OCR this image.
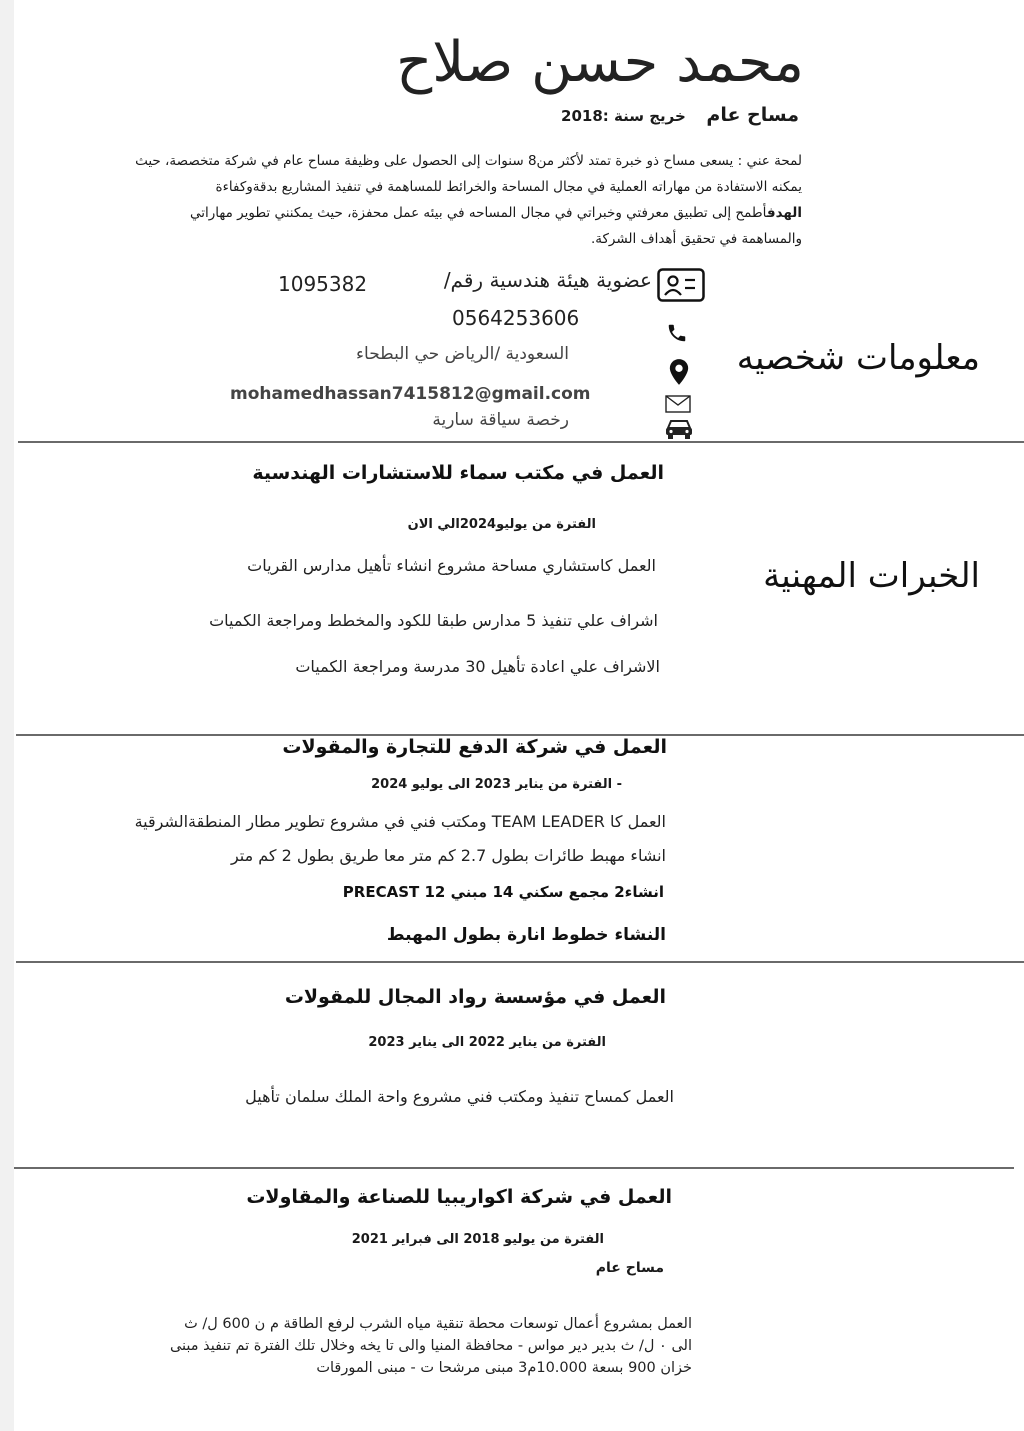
محمد حسن صلاح
مساح عام خريج سنة :2018
لمحة عني : يسعى مساح ذو خبرة تمتد لأكثر من8 سنوات إلى الحصول على وظيفة مساح عام في شركة متخصصة، حيث
يمكنه الاستفادة من مهاراته العملية في مجال المساحة والخرائط للمساهمة في تنفيذ المشاريع بدقةوكفاءة
الهدفأطمح إلى تطبيق معرفتي وخبراتي في مجال المساحه في بيئه عمل محفزة، حيث يمكنني تطوير مهاراتي
والمساهمة في تحقيق أهداف الشركة.
عضوية هيئة هندسية رقم/
1095382
0564253606
السعودية /الرياض حي البطحاء
mohamedhassan7415812@gmail.com
رخصة سياقة سارية
معلومات شخصيه
العمل في مكتب سماء للاستشارات الهندسية
الفترة من يوليو2024الي الان
الخبرات المهنية
العمل كاستشاري مساحة مشروع انشاء تأهيل مدارس القريات
اشراف علي تنفيذ 5 مدارس طبقا للكود والمخطط ومراجعة الكميات
الاشراف علي اعادة تأهيل 30 مدرسة ومراجعة الكميات
العمل في شركة الدفع للتجارة والمقولات
- الفترة من يناير 2023 الى يوليو 2024
العمل كا TEAM LEADER ومكتب فني في مشروع تطوير مطار المنطقةالشرقية
انشاء مهبط طائرات بطول 2.7 كم متر معا طريق بطول 2 كم متر
انشاء2 مجمع سكني 14 مبني 12 PRECAST
النشاء خطوط انارة بطول المهبط
العمل في مؤسسة رواد المجال للمقولات
الفترة من يناير 2022 الى يناير 2023
العمل كمساح تنفيذ ومكتب فني مشروع واحة الملك سلمان تأهيل
العمل في شركة اكواريبيا للصناعة والمقاولات
الفترة من يوليو 2018 الى فبراير 2021
مساح عام
العمل بمشروع أعمال توسعات محطة تنقية مياه الشرب لرفع الطاقة م ن 600 ل/ ث
الى ٠ ل/ ث بدير دير مواس - محافظة المنيا والى تا يخه وخلال تلك الفترة تم تنفيذ مبنى
خزان 900 بسعة 10.000م3 مبنى مرشحا ت - مبنى المورقات
